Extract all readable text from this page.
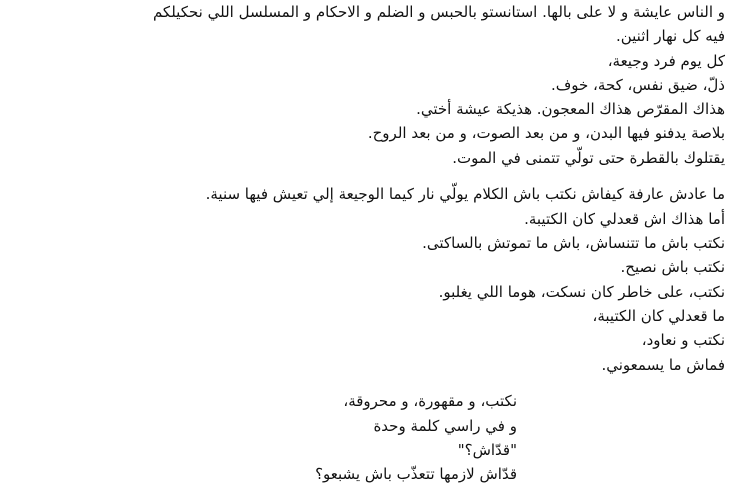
و الناس عايشة و لا على بالها. استانستو بالحبس و الضلم و الاحكام و المسلسل اللي نحكيلكم
فيه كل نهار اثنين.
كل يوم فرد وجيعة،
ذلّ، ضيق نفس، كحة، خوف.
هذاك المقرّص هذاك المعجون. هذيكة عيشة أختي.
بلاصة يدفنو فيها البدن، و من بعد الصوت، و من بعد الروح.
يقتلوك بالقطرة حتى تولّي تتمنى في الموت.
ما عادش عارفة كيفاش نكتب باش الكلام يولّي نار كيما الوجيعة إلي تعيش فيها سنية.
أما هذاك اش قعدلي كان الكتيبة.
نكتب باش ما تتنساش، باش ما تموتش بالساكتى.
نكتب باش نصيح.
نكتب، على خاطر كان نسكت، هوما اللي يغلبو.
ما قعدلي كان الكتيبة،
نكتب و نعاود،
فماش ما يسمعوني.
نكتب، و مقهورة، و محروقة،
و في راسي كلمة وحدة
"قدّاش؟"
قدّاش لازمها تتعذّب باش يشبعو؟
